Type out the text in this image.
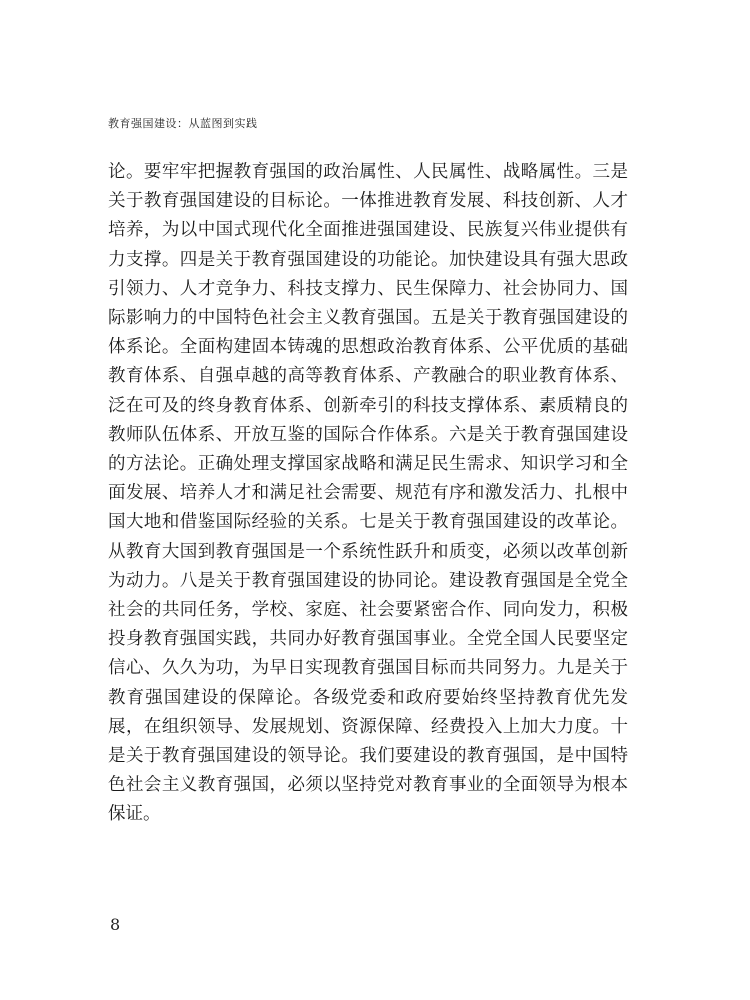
教育强国建设：从蓝图到实践

论。要牢牢把握教育强国的政治属性、人民属性、战略属性。三是关于教育强国建设的目标论。一体推进教育发展、科技创新、人才培养，为以中国式现代化全面推进强国建设、民族复兴伟业提供有力支撑。四是关于教育强国建设的功能论。加快建设具有强大思政引领力、人才竞争力、科技支撑力、民生保障力、社会协同力、国际影响力的中国特色社会主义教育强国。五是关于教育强国建设的体系论。全面构建固本铸魂的思想政治教育体系、公平优质的基础教育体系、自强卓越的高等教育体系、产教融合的职业教育体系、泛在可及的终身教育体系、创新牵引的科技支撑体系、素质精良的教师队伍体系、开放互鉴的国际合作体系。六是关于教育强国建设的方法论。正确处理支撑国家战略和满足民生需求、知识学习和全面发展、培养人才和满足社会需要、规范有序和激发活力、扎根中国大地和借鉴国际经验的关系。七是关于教育强国建设的改革论。从教育大国到教育强国是一个系统性跃升和质变，必须以改革创新为动力。八是关于教育强国建设的协同论。建设教育强国是全党全社会的共同任务，学校、家庭、社会要紧密合作、同向发力，积极投身教育强国实践，共同办好教育强国事业。全党全国人民要坚定信心、久久为功，为早日实现教育强国目标而共同努力。九是关于教育强国建设的保障论。各级党委和政府要始终坚持教育优先发展，在组织领导、发展规划、资源保障、经费投入上加大力度。十是关于教育强国建设的领导论。我们要建设的教育强国，是中国特色社会主义教育强国，必须以坚持党对教育事业的全面领导为根本保证。

8
